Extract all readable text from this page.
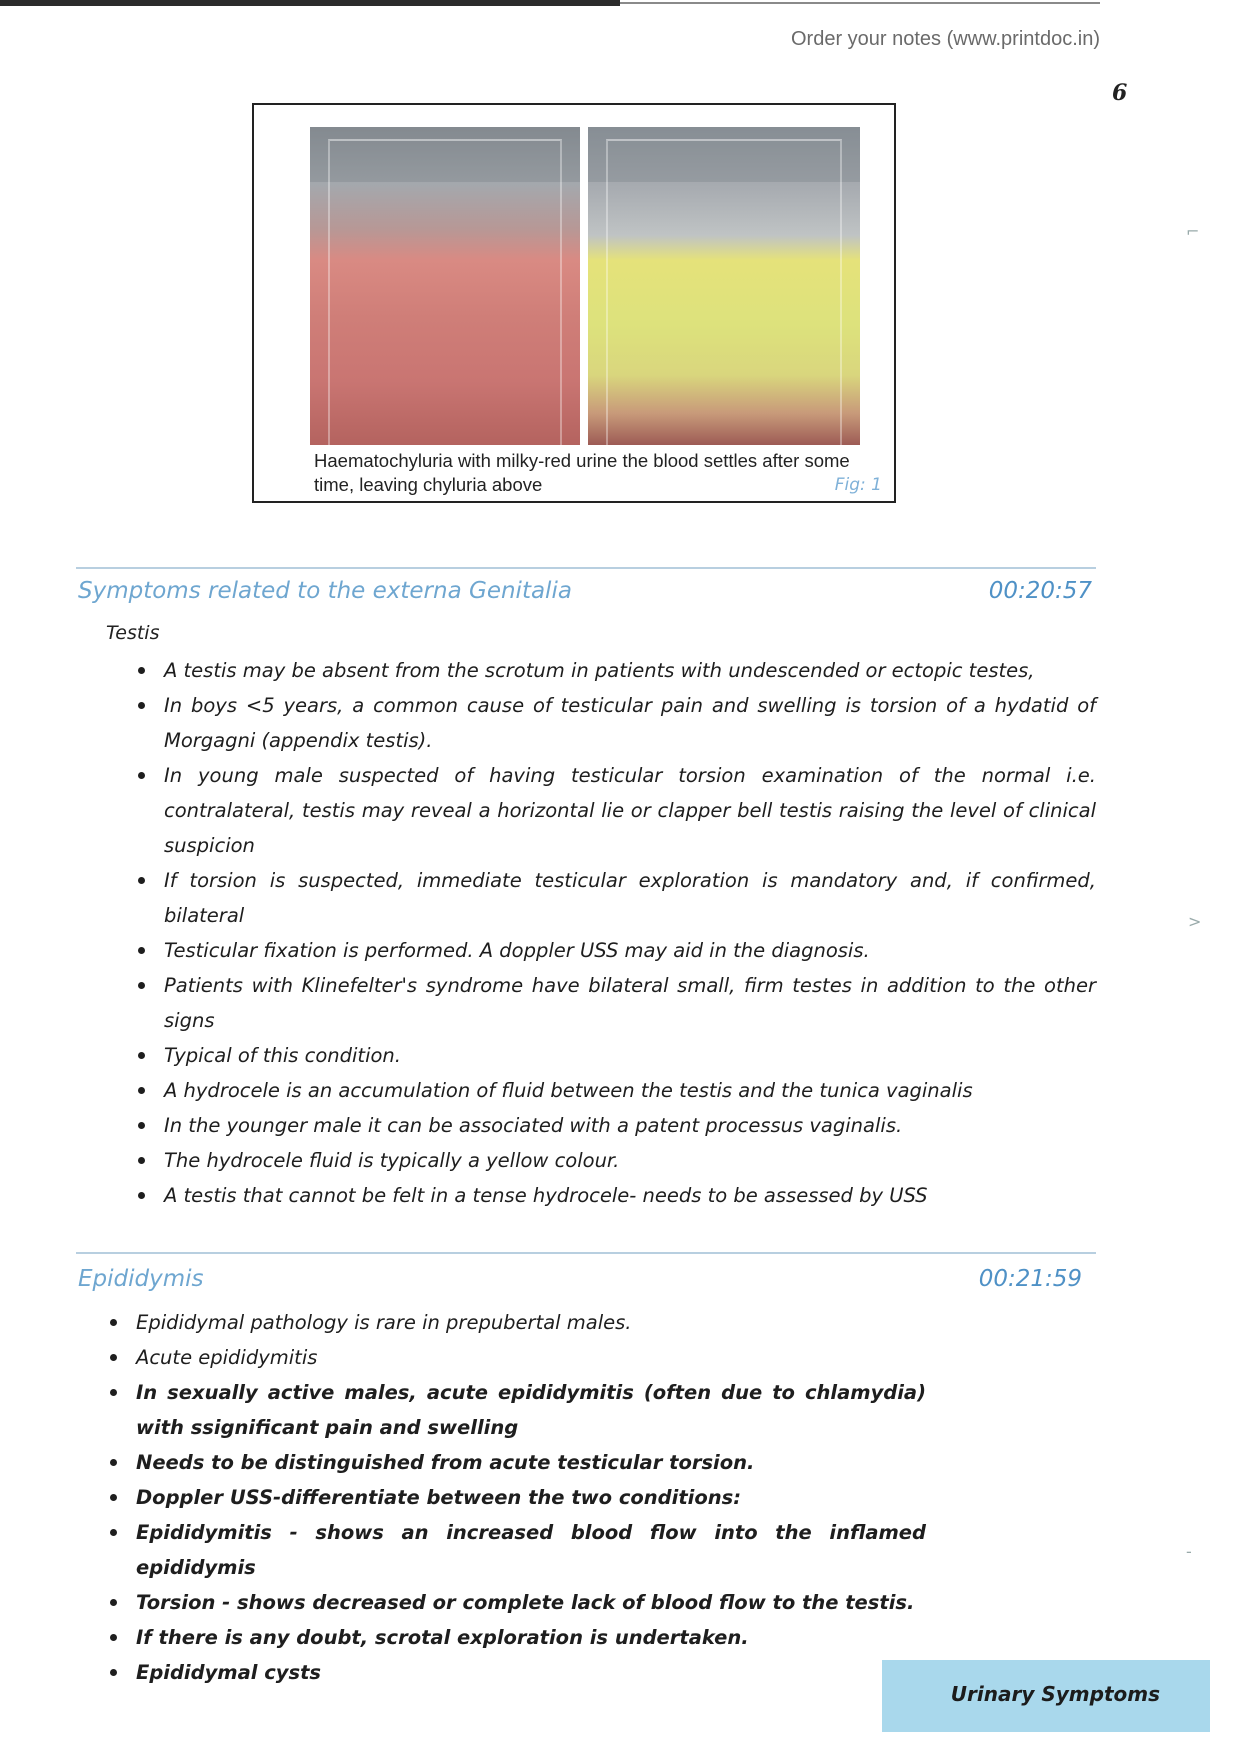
Order your notes (www.printdoc.in)
6
⌐
>
-
Haematochyluria with milky-red urine the blood settles after some time, leaving chyluria above	Fig: 1
Symptoms related to the externa Genitalia	00:20:57
Testis
A testis may be absent from the scrotum in patients with undescended or ectopic testes,
In boys <5 years, a common cause of testicular pain and swelling is torsion of a hydatid of Morgagni (appendix testis).
In young male suspected of having testicular torsion examination of the normal i.e. contralateral, testis may reveal a horizontal lie or clapper bell testis raising the level of clinical suspicion
If torsion is suspected, immediate testicular exploration is mandatory and, if confirmed, bilateral
Testicular fixation is performed. A doppler USS may aid in the diagnosis.
Patients with Klinefelter's syndrome have bilateral small, firm testes in addition to the other signs
Typical of this condition.
A hydrocele is an accumulation of fluid between the testis and the tunica vaginalis
In the younger male it can be associated with a patent processus vaginalis.
The hydrocele fluid is typically a yellow colour.
A testis that cannot be felt in a tense hydrocele- needs to be assessed by USS
Epididymis	00:21:59
Epididymal pathology is rare in prepubertal males.
Acute epididymitis
In sexually active males, acute epididymitis (often due to chlamydia) with ssignificant pain and swelling
Needs to be distinguished from acute testicular torsion.
Doppler USS-differentiate between the two conditions:
Epididymitis - shows an increased blood flow into the inflamed epididymis
Torsion - shows decreased or complete lack of blood flow to the testis.
If there is any doubt, scrotal exploration is undertaken.
Epididymal cysts
Urinary Symptoms
